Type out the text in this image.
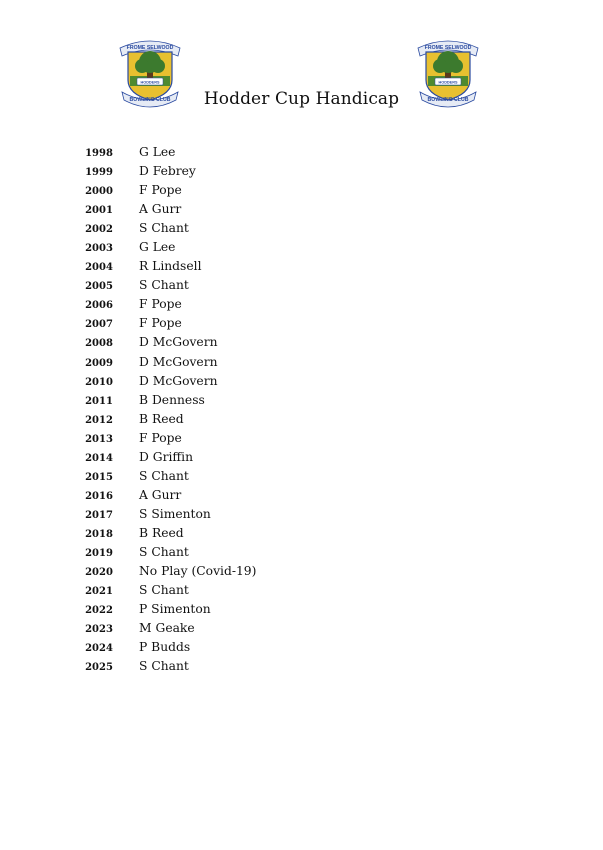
FROME SELWOOD
HODDERS
BOWLING CLUB
FROME SELWOOD
HODDERS
BOWLING CLUB
Hodder Cup Handicap
1998 G Lee
1999 D Febrey
2000 F Pope
2001 A Gurr
2002 S Chant
2003 G Lee
2004 R Lindsell
2005 S Chant
2006 F Pope
2007 F Pope
2008 D McGovern
2009 D McGovern
2010 D McGovern
2011 B Denness
2012 B Reed
2013 F Pope
2014 D Griffin
2015 S Chant
2016 A Gurr
2017 S Simenton
2018 B Reed
2019 S Chant
2020 No Play (Covid-19)
2021 S Chant
2022 P Simenton
2023 M Geake
2024 P Budds
2025 S Chant
